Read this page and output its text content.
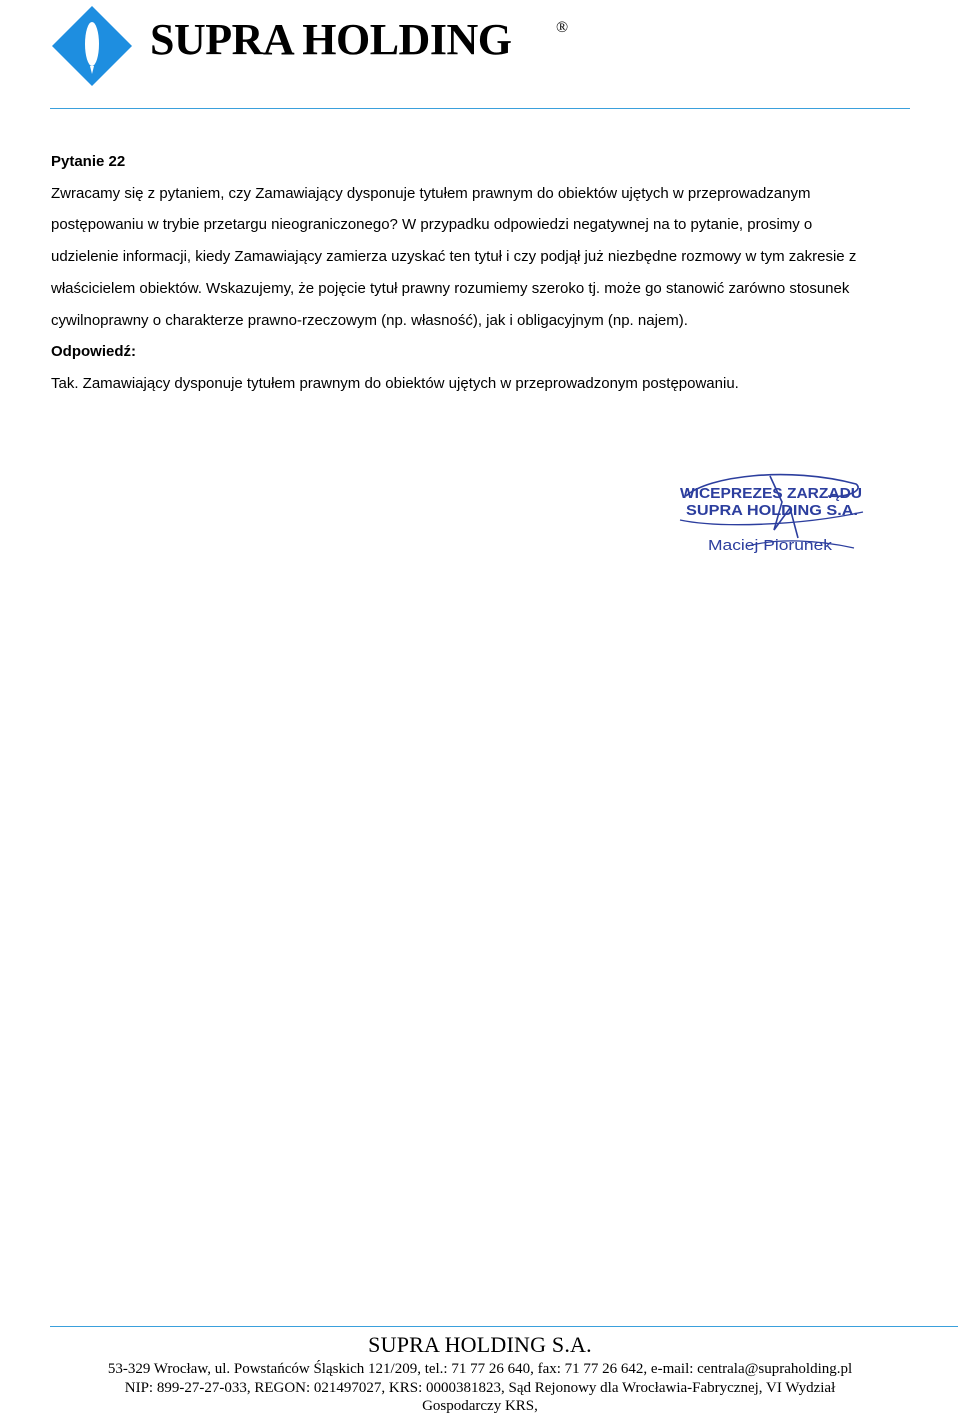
SUPRA HOLDING	®

Pytanie 22

Zwracamy się z pytaniem, czy Zamawiający dysponuje tytułem prawnym do obiektów ujętych w przeprowadzanym postępowaniu w trybie przetargu nieograniczonego? W przypadku odpowiedzi negatywnej na to pytanie, prosimy o udzielenie informacji, kiedy Zamawiający zamierza uzyskać ten tytuł i czy podjął już niezbędne rozmowy w tym zakresie z właścicielem obiektów. Wskazujemy, że pojęcie tytuł prawny rozumiemy szeroko tj. może go stanowić zarówno stosunek cywilnoprawny o charakterze prawno-rzeczowym (np. własność), jak i obligacyjnym (np. najem).

Odpowiedź:

Tak. Zamawiający dysponuje tytułem prawnym do obiektów ujętych w przeprowadzonym postępowaniu.

WICEPREZES ZARZĄDU
SUPRA HOLDING S.A.
Maciej Piorunek
SUPRA HOLDING S.A.
53-329 Wrocław, ul. Powstańców Śląskich 121/209, tel.: 71 77 26 640, fax: 71 77 26 642, e-mail: centrala@supraholding.pl
NIP: 899-27-27-033, REGON: 021497027, KRS: 0000381823, Sąd Rejonowy dla Wrocławia-Fabrycznej, VI Wydział
Gospodarczy KRS,
